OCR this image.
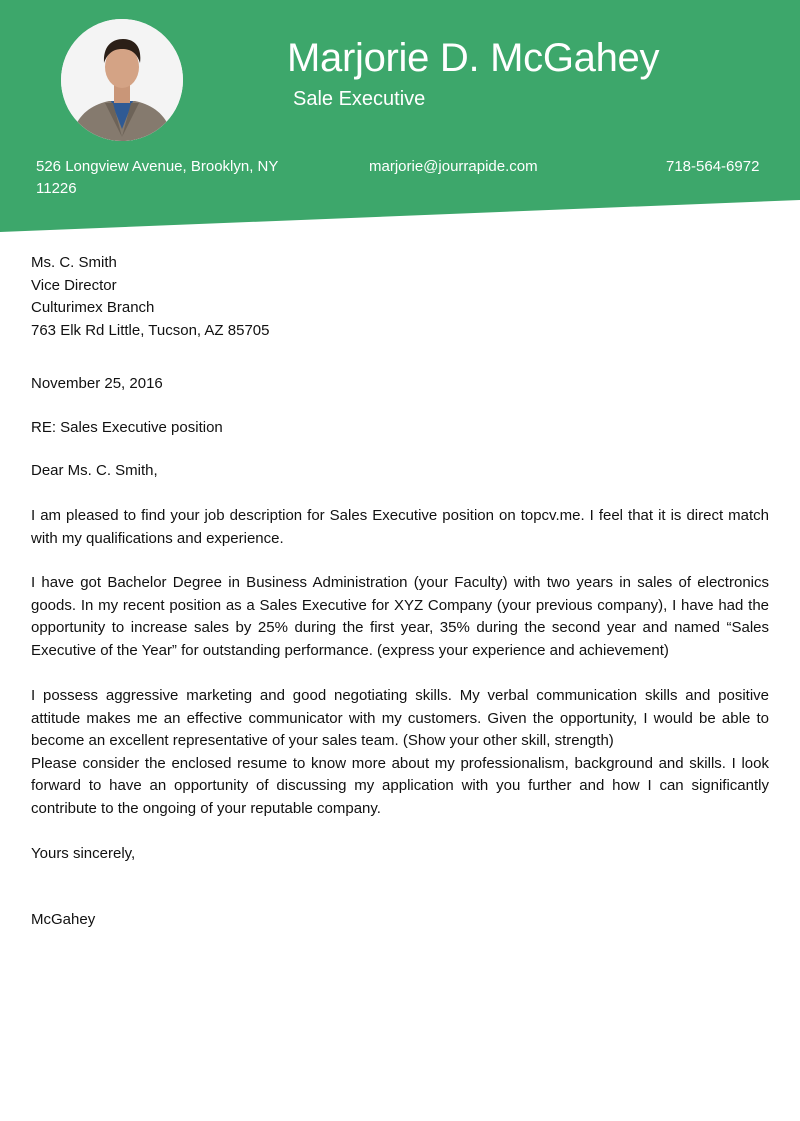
Marjorie D. McGahey
Sale Executive
526 Longview Avenue, Brooklyn, NY 11226
marjorie@jourrapide.com	718-564-6972
Ms. C. Smith
Vice Director
Culturimex Branch
763 Elk Rd Little, Tucson, AZ 85705
November 25, 2016
RE: Sales Executive position
Dear Ms. C. Smith,
I am pleased to find your job description for Sales Executive position on topcv.me. I feel that it is direct match with my qualifications and experience.
I have got Bachelor Degree in Business Administration (your Faculty) with two years in sales of electronics goods. In my recent position as a Sales Executive for XYZ Company (your previous company), I have had the opportunity to increase sales by 25% during the first year, 35% during the second year and named “Sales Executive of the Year” for outstanding performance. (express your experience and achievement)
I possess aggressive marketing and good negotiating skills. My verbal communication skills and positive attitude makes me an effective communicator with my customers. Given the opportunity, I would be able to become an excellent representative of your sales team. (Show your other skill, strength)
Please consider the enclosed resume to know more about my professionalism, background and skills. I look forward to have an opportunity of discussing my application with you further and how I can significantly contribute to the ongoing of your reputable company.
Yours sincerely,
McGahey
